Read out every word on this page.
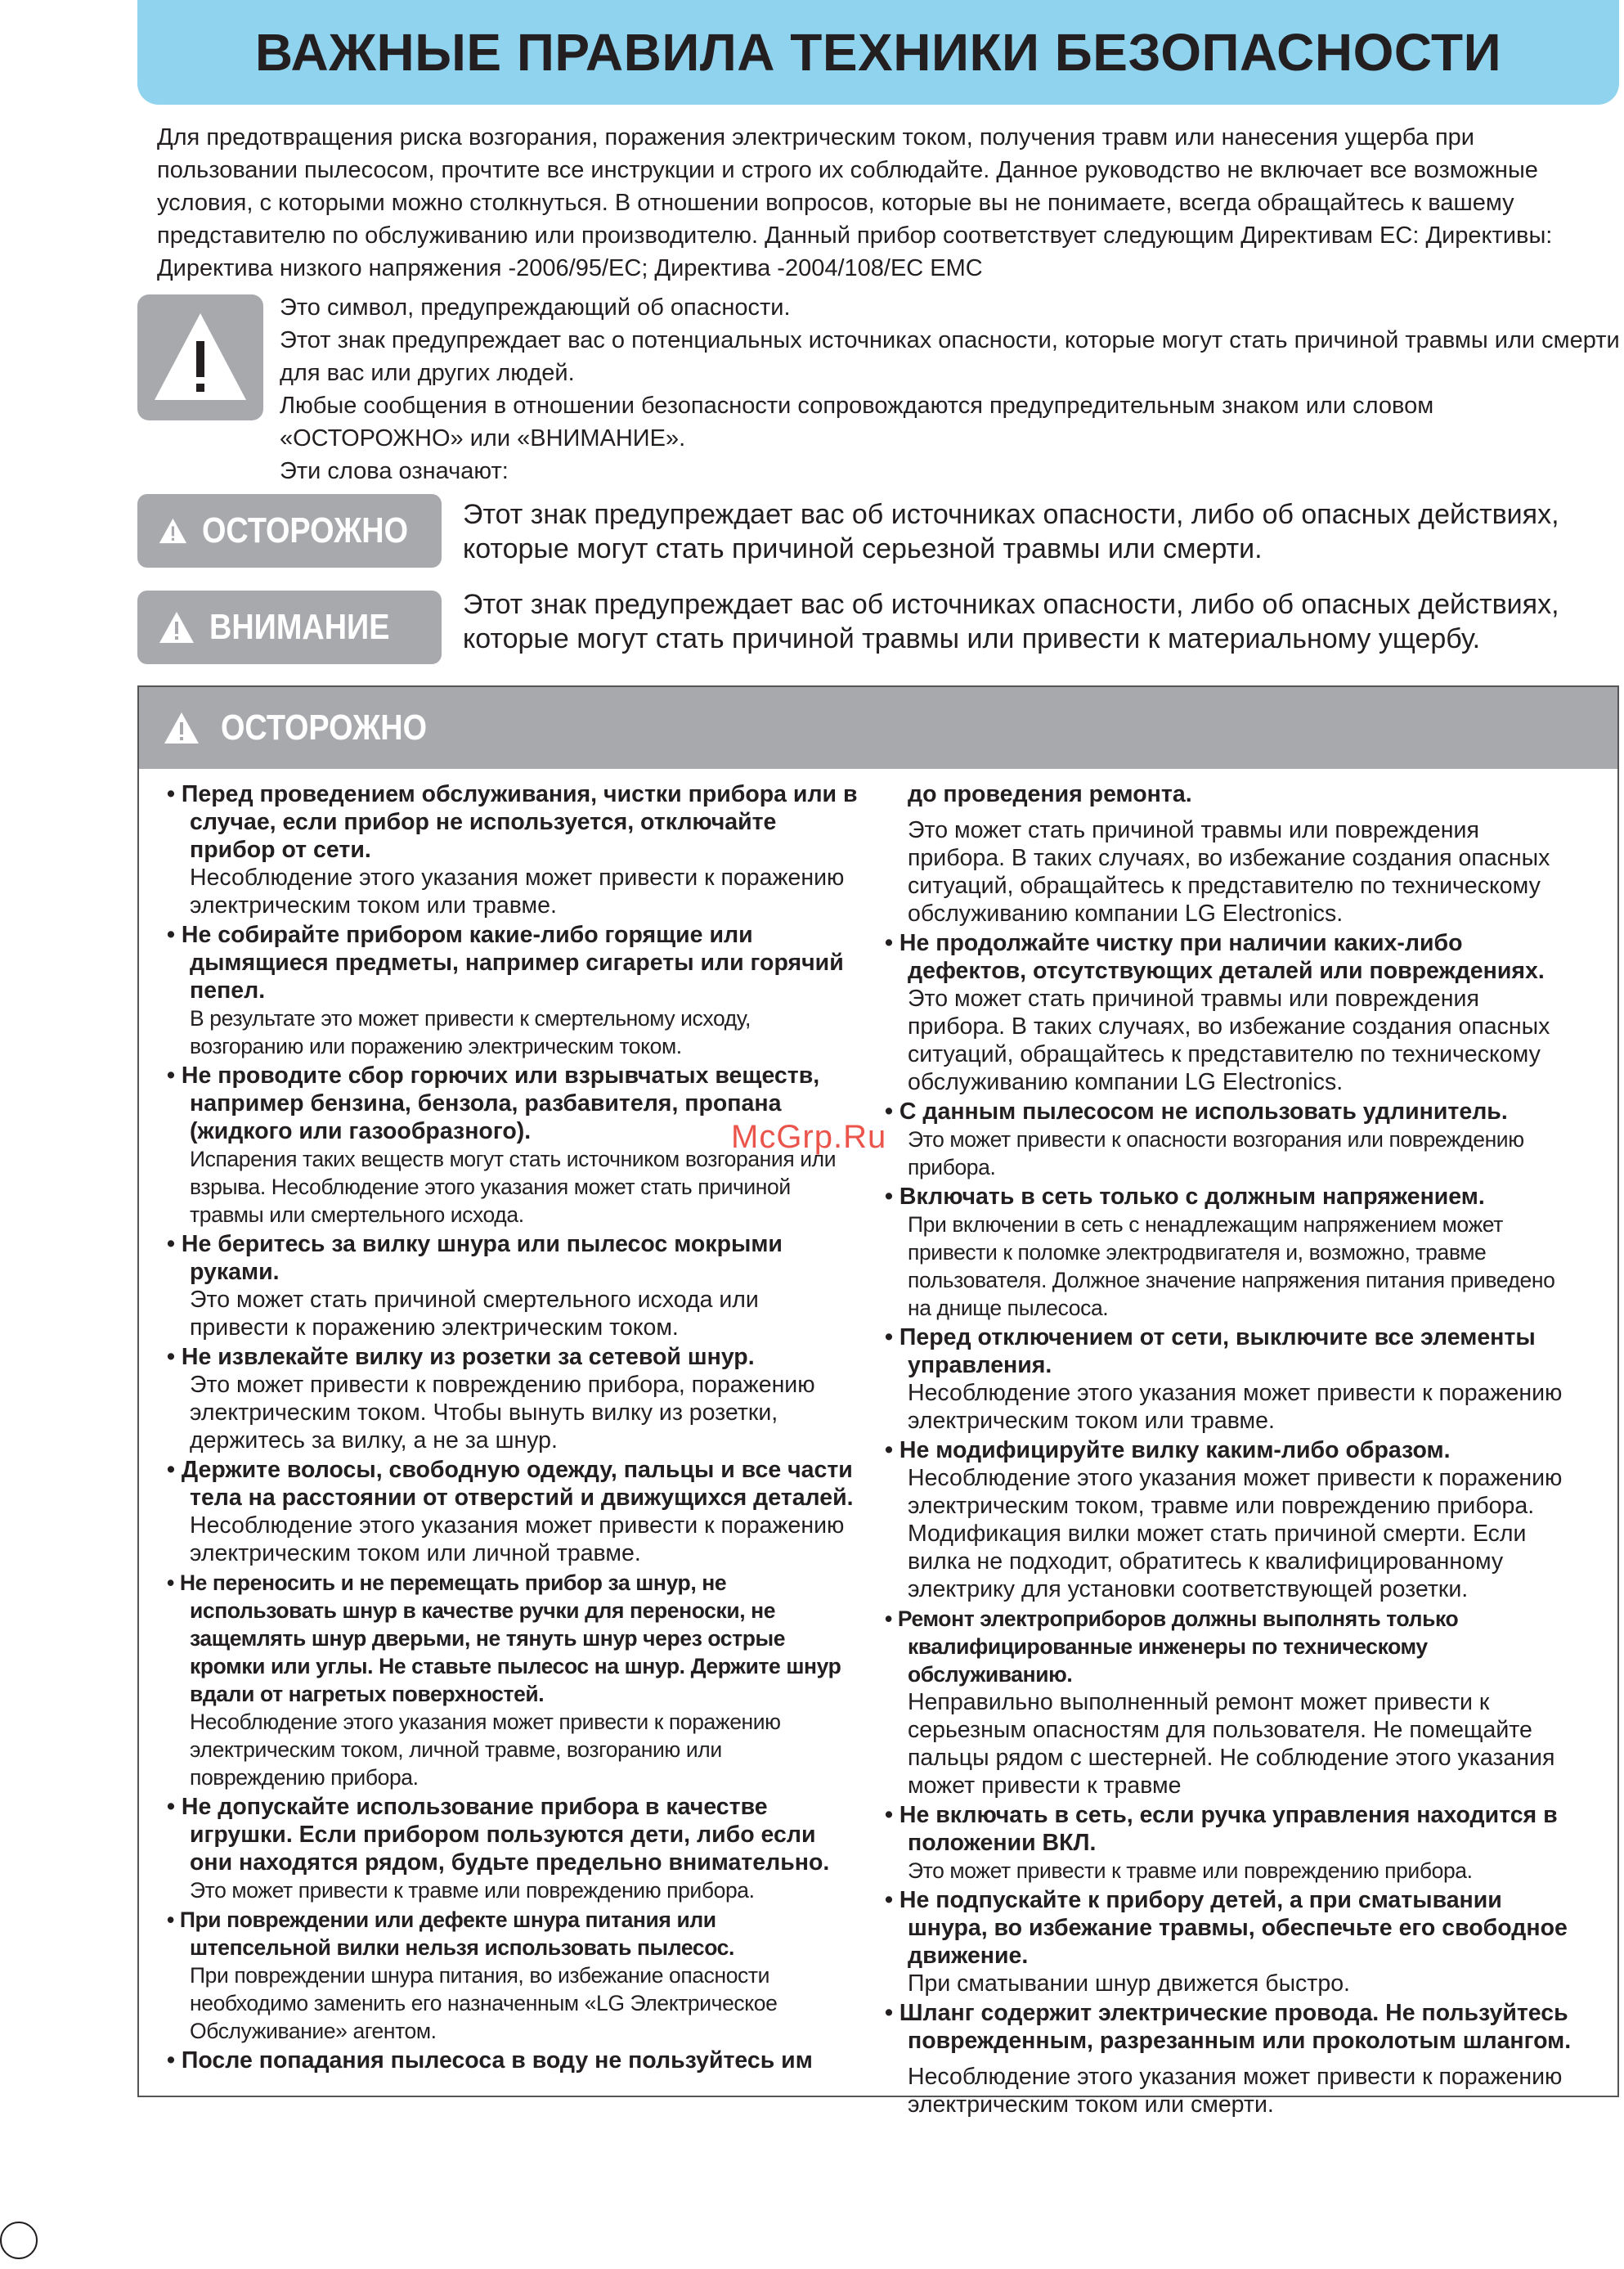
ВАЖНЫЕ ПРАВИЛА ТЕХНИКИ БЕЗОПАСНОСТИ

Для предотвращения риска возгорания, поражения электрическим током, получения травм или нанесения ущерба при пользовании пылесосом, прочтите все инструкции и строго их соблюдайте. Данное руководство не включает все возможные условия, с которыми можно столкнуться. В отношении вопросов, которые вы не понимаете, всегда обращайтесь к вашему представителю по обслуживанию или производителю. Данный прибор соответствует следующим Директивам ЕС: Директивы: Директива низкого напряжения -2006/95/EC; Директива -2004/108/EC EMC

Это символ, предупреждающий об опасности.

Этот знак предупреждает вас о потенциальных источниках опасности, которые могут стать причиной травмы или смерти для вас или других людей.

Любые сообщения в отношении безопасности сопровождаются предупредительным знаком или словом «ОСТОРОЖНО» или «ВНИМАНИЕ».

Эти слова означают:

ОСТОРОЖНО Этот знак предупреждает вас об источниках опасности, либо об опасных действиях, которые могут стать причиной серьезной травмы или смерти.
ВНИМАНИЕ
Этот знак предупреждает вас об источниках опасности, либо об опасных действиях, которые могут стать причиной травмы или привести к материальному ущербу.
ОСТОРОЖНО
• Перед проведением обслуживания, чистки прибора или в случае, если прибор не используется, отключайте прибор от сети.
Несоблюдение этого указания может привести к поражению электрическим током или травме.
• Не собирайте прибором какие-либо горящие или дымящиеся предметы, например сигареты или горячий пепел.
В результате это может привести к смертельному исходу, возгоранию или поражению электрическим током.
• Не проводите сбор горючих или взрывчатых веществ, например бензина, бензола, разбавителя, пропана (жидкого или газообразного).
Испарения таких веществ могут стать источником возгорания или взрыва. Несоблюдение этого указания может стать причиной травмы или смертельного исхода.
• Не беритесь за вилку шнура или пылесос мокрыми руками.
Это может стать причиной смертельного исхода или привести к поражению электрическим током.
• Не извлекайте вилку из розетки за сетевой шнур.
Это может привести к повреждению прибора, поражению электрическим током. Чтобы вынуть вилку из розетки, держитесь за вилку, а не за шнур.
• Держите волосы, свободную одежду, пальцы и все части тела на расстоянии от отверстий и движущихся деталей.
Несоблюдение этого указания может привести к поражению электрическим током или личной травме.
• Не переносить и не перемещать прибор за шнур, не использовать шнур в качестве ручки для переноски, не защемлять шнур дверьми, не тянуть шнур через острые кромки или углы. Не ставьте пылесос на шнур. Держите шнур вдали от нагретых поверхностей.
Несоблюдение этого указания может привести к поражению электрическим током, личной травме, возгоранию или повреждению прибора.
• Не допускайте использование прибора в качестве игрушки. Если прибором пользуются дети, либо если они находятся рядом, будьте предельно внимательно.
Это может привести к травме или повреждению прибора.
• При повреждении или дефекте шнура питания или штепсельной вилки нельзя использовать пылесос.
При повреждении шнура питания, во избежание опасности необходимо заменить его назначенным «LG Электрическое Обслуживание» агентом.
• После попадания пылесоса в воду не пользуйтесь им
до проведения ремонта.
Это может стать причиной травмы или повреждения прибора. В таких случаях, во избежание создания опасных ситуаций, обращайтесь к представителю по техническому обслуживанию компании LG Electronics.
• Не продолжайте чистку при наличии каких-либо дефектов, отсутствующих деталей или повреждениях.
Это может стать причиной травмы или повреждения прибора. В таких случаях, во избежание создания опасных ситуаций, обращайтесь к представителю по техническому обслуживанию компании LG Electronics.
• С данным пылесосом не использовать удлинитель.
Это может привести к опасности возгорания или повреждению прибора.
• Включать в сеть только с должным напряжением.
При включении в сеть с ненадлежащим напряжением может привести к поломке электродвигателя и, возможно, травме пользователя. Должное значение напряжения питания приведено на днище пылесоса.
• Перед отключением от сети, выключите все элементы управления.
Несоблюдение этого указания может привести к поражению электрическим током или травме.
• Не модифицируйте вилку каким-либо образом.
Несоблюдение этого указания может привести к поражению электрическим током, травме или повреждению прибора. Модификация вилки может стать причиной смерти. Если вилка не подходит, обратитесь к квалифицированному электрику для установки соответствующей розетки.
• Ремонт электроприборов должны выполнять только квалифицированные инженеры по техническому обслуживанию.
Неправильно выполненный ремонт может привести к серьезным опасностям для пользователя. Не помещайте пальцы рядом с шестерней. Не соблюдение этого указания может привести к травме
• Не включать в сеть, если ручка управления находится в положении ВКЛ.
Это может привести к травме или повреждению прибора.
• Не подпускайте к прибору детей, а при сматывании шнура, во избежание травмы, обеспечьте его свободное движение.
При сматывании шнур движется быстро.
• Шланг содержит электрические провода. Не пользуйтесь поврежденным, разрезанным или проколотым шлангом.
Несоблюдение этого указания может привести к поражению электрическим током или смерти.
McGrp.Ru
